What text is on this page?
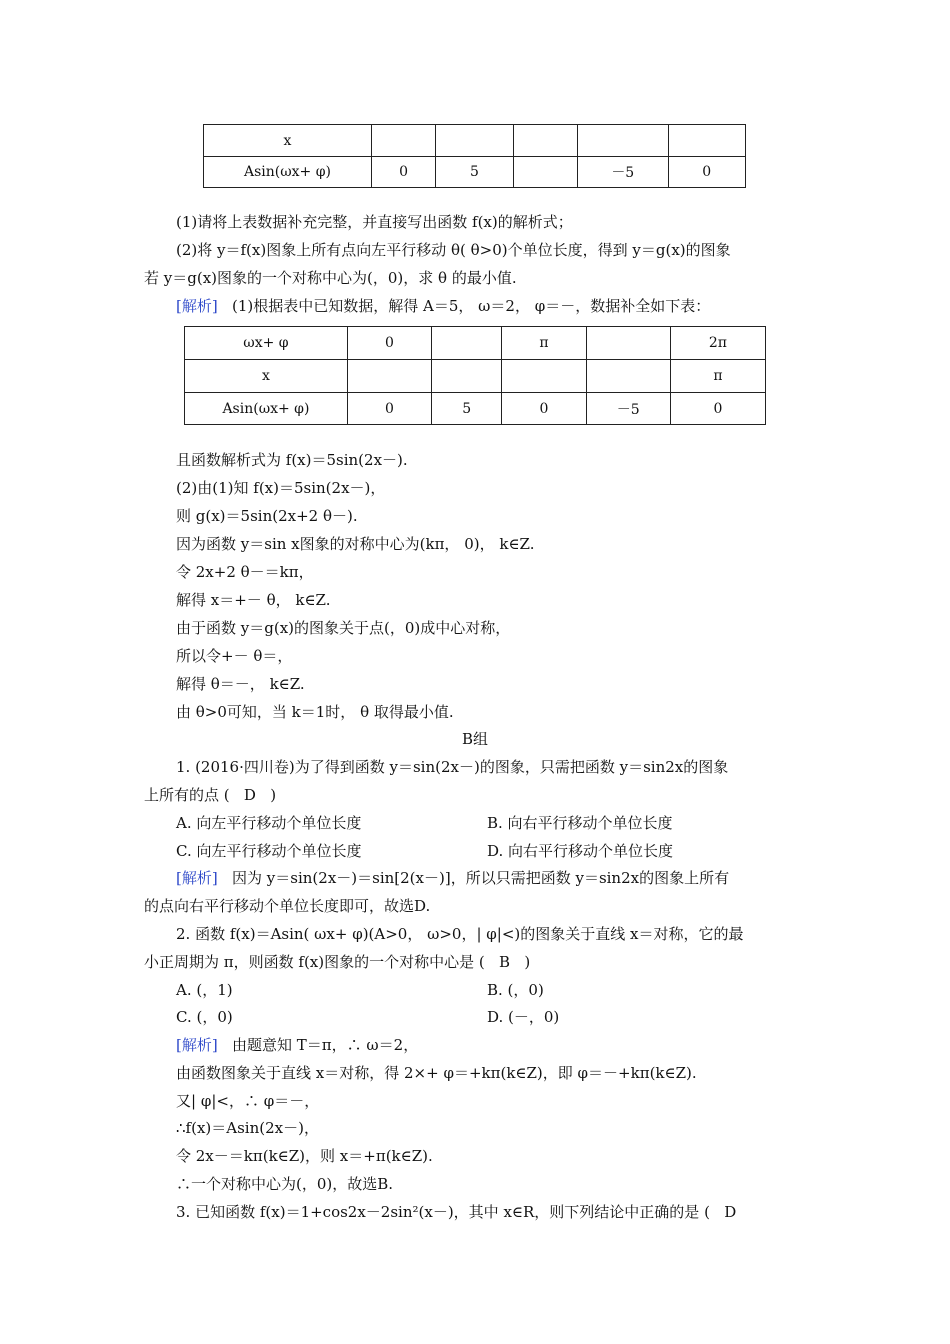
x					
Asin(ωx+ φ)	0	5		－5	0
(1)请将上表数据补充完整，并直接写出函数 f(x)的解析式；
(2)将 y＝f(x)图象上所有点向左平行移动 θ( θ>0)个单位长度，得到 y＝g(x)的图象
若 y＝g(x)图象的一个对称中心为(，0)，求 θ 的最小值.
[解析]   (1)根据表中已知数据，解得 A＝5， ω＝2， φ＝－，数据补全如下表：
ωx+ φ	0		π		2π
x					π
Asin(ωx+ φ)	0	5	0	－5	0
且函数解析式为 f(x)＝5sin(2x－).
(2)由(1)知 f(x)＝5sin(2x－)，
则 g(x)＝5sin(2x+2 θ－).
因为函数 y＝sin x图象的对称中心为(kπ， 0)， k∈Z.
令 2x+2 θ－＝kπ，
解得 x＝+－ θ， k∈Z.
由于函数 y＝g(x)的图象关于点(，0)成中心对称，
所以令+－ θ＝，
解得 θ＝－， k∈Z.
由 θ>0可知，当 k＝1时， θ 取得最小值.
B组
1. (2016·四川卷)为了得到函数 y＝sin(2x－)的图象，只需把函数 y＝sin2x的图象
上所有的点 (   D   )
A. 向左平行移动个单位长度	B. 向右平行移动个单位长度
C. 向左平行移动个单位长度	D. 向右平行移动个单位长度
[解析]   因为 y＝sin(2x－)＝sin[2(x－)]，所以只需把函数 y＝sin2x的图象上所有
的点向右平行移动个单位长度即可，故选D.
2. 函数 f(x)＝Asin( ωx+ φ)(A>0， ω>0，| φ|<)的图象关于直线 x＝对称，它的最
小正周期为 π，则函数 f(x)图象的一个对称中心是 (   B   )
A. (，1)	B. (，0)
C. (，0)	D. (－，0)
[解析]   由题意知 T＝π，∴ ω＝2，
由函数图象关于直线 x＝对称，得 2×+ φ＝+kπ(k∈Z)，即 φ＝－+kπ(k∈Z).
又| φ|<，∴ φ＝－，
∴f(x)＝Asin(2x－)，
令 2x－＝kπ(k∈Z)，则 x＝+π(k∈Z).
∴一个对称中心为(，0)，故选B.
3. 已知函数 f(x)＝1+cos2x－2sin²(x－)，其中 x∈R，则下列结论中正确的是 (   D
